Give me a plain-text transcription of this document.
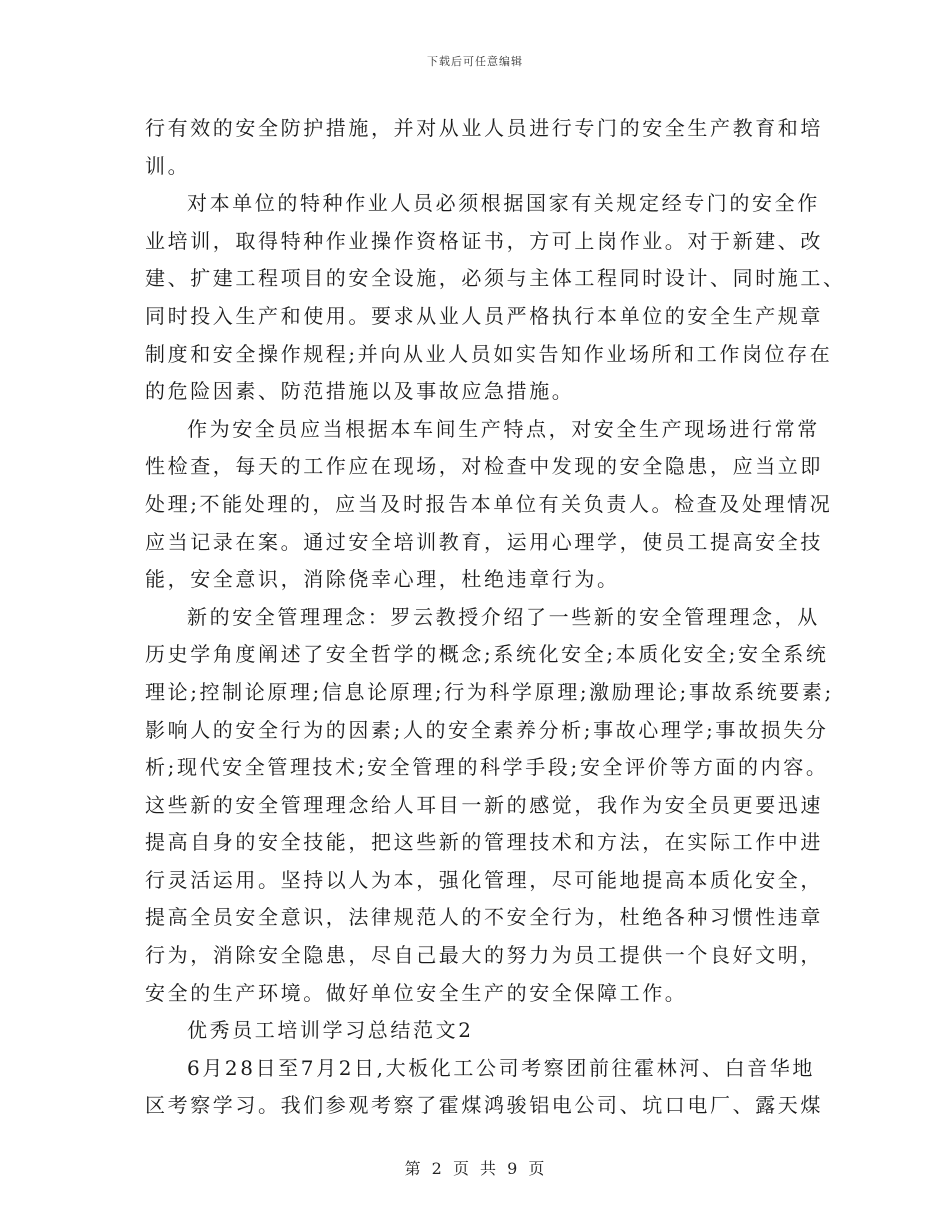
下载后可任意编辑
行有效的安全防护措施，并对从业人员进行专门的安全生产教育和培
训。
对本单位的特种作业人员必须根据国家有关规定经专门的安全作
业培训，取得特种作业操作资格证书，方可上岗作业。对于新建、改
建、扩建工程项目的安全设施，必须与主体工程同时设计、同时施工、
同时投入生产和使用。要求从业人员严格执行本单位的安全生产规章
制度和安全操作规程;并向从业人员如实告知作业场所和工作岗位存在
的危险因素、防范措施以及事故应急措施。
作为安全员应当根据本车间生产特点，对安全生产现场进行常常
性检查，每天的工作应在现场，对检查中发现的安全隐患，应当立即
处理;不能处理的，应当及时报告本单位有关负责人。检查及处理情况
应当记录在案。通过安全培训教育，运用心理学，使员工提高安全技
能，安全意识，消除侥幸心理，杜绝违章行为。
新的安全管理理念：罗云教授介绍了一些新的安全管理理念，从
历史学角度阐述了安全哲学的概念;系统化安全;本质化安全;安全系统
理论;控制论原理;信息论原理;行为科学原理;激励理论;事故系统要素;
影响人的安全行为的因素;人的安全素养分析;事故心理学;事故损失分
析;现代安全管理技术;安全管理的科学手段;安全评价等方面的内容。
这些新的安全管理理念给人耳目一新的感觉，我作为安全员更要迅速
提高自身的安全技能，把这些新的管理技术和方法，在实际工作中进
行灵活运用。坚持以人为本，强化管理，尽可能地提高本质化安全，
提高全员安全意识，法律规范人的不安全行为，杜绝各种习惯性违章
行为，消除安全隐患，尽自己最大的努力为员工提供一个良好文明，
安全的生产环境。做好单位安全生产的安全保障工作。
优秀员工培训学习总结范文2
6月28日至7月2日,大板化工公司考察团前往霍林河、白音华地
区考察学习。我们参观考察了霍煤鸿骏铝电公司、坑口电厂、露天煤
第 2 页 共 9 页
